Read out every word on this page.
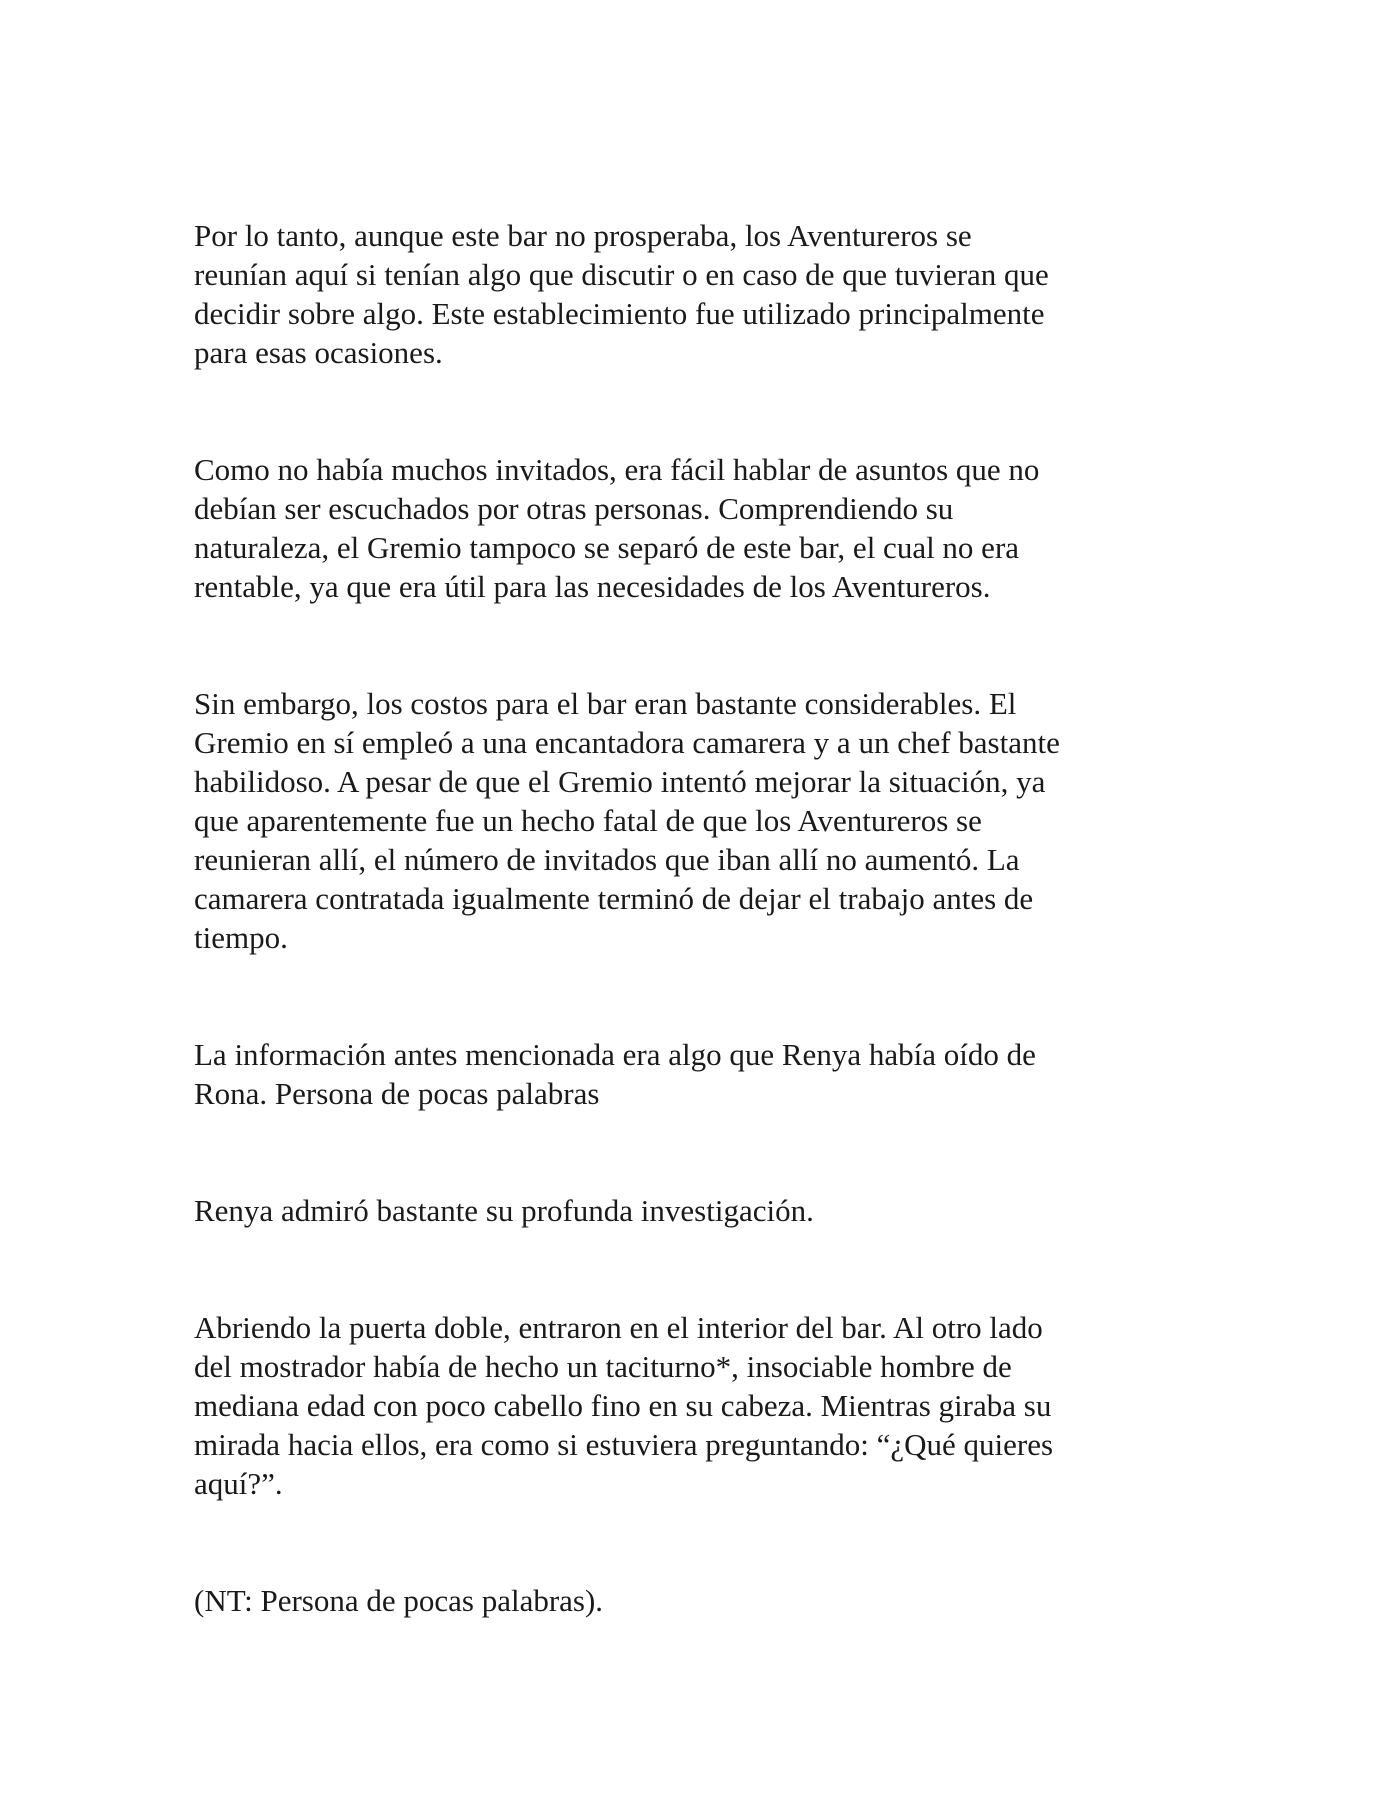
Por lo tanto, aunque este bar no prosperaba, los Aventureros se
reunían aquí si tenían algo que discutir o en caso de que tuvieran que
decidir sobre algo. Este establecimiento fue utilizado principalmente
para esas ocasiones.

Como no había muchos invitados, era fácil hablar de asuntos que no
debían ser escuchados por otras personas. Comprendiendo su
naturaleza, el Gremio tampoco se separó de este bar, el cual no era
rentable, ya que era útil para las necesidades de los Aventureros.

Sin embargo, los costos para el bar eran bastante considerables. El
Gremio en sí empleó a una encantadora camarera y a un chef bastante
habilidoso. A pesar de que el Gremio intentó mejorar la situación, ya
que aparentemente fue un hecho fatal de que los Aventureros se
reunieran allí, el número de invitados que iban allí no aumentó. La
camarera contratada igualmente terminó de dejar el trabajo antes de
tiempo.

La información antes mencionada era algo que Renya había oído de
Rona. Persona de pocas palabras

Renya admiró bastante su profunda investigación.

Abriendo la puerta doble, entraron en el interior del bar. Al otro lado
del mostrador había de hecho un taciturno*, insociable hombre de
mediana edad con poco cabello fino en su cabeza. Mientras giraba su
mirada hacia ellos, era como si estuviera preguntando: “¿Qué quieres
aquí?”.

(NT: Persona de pocas palabras).
